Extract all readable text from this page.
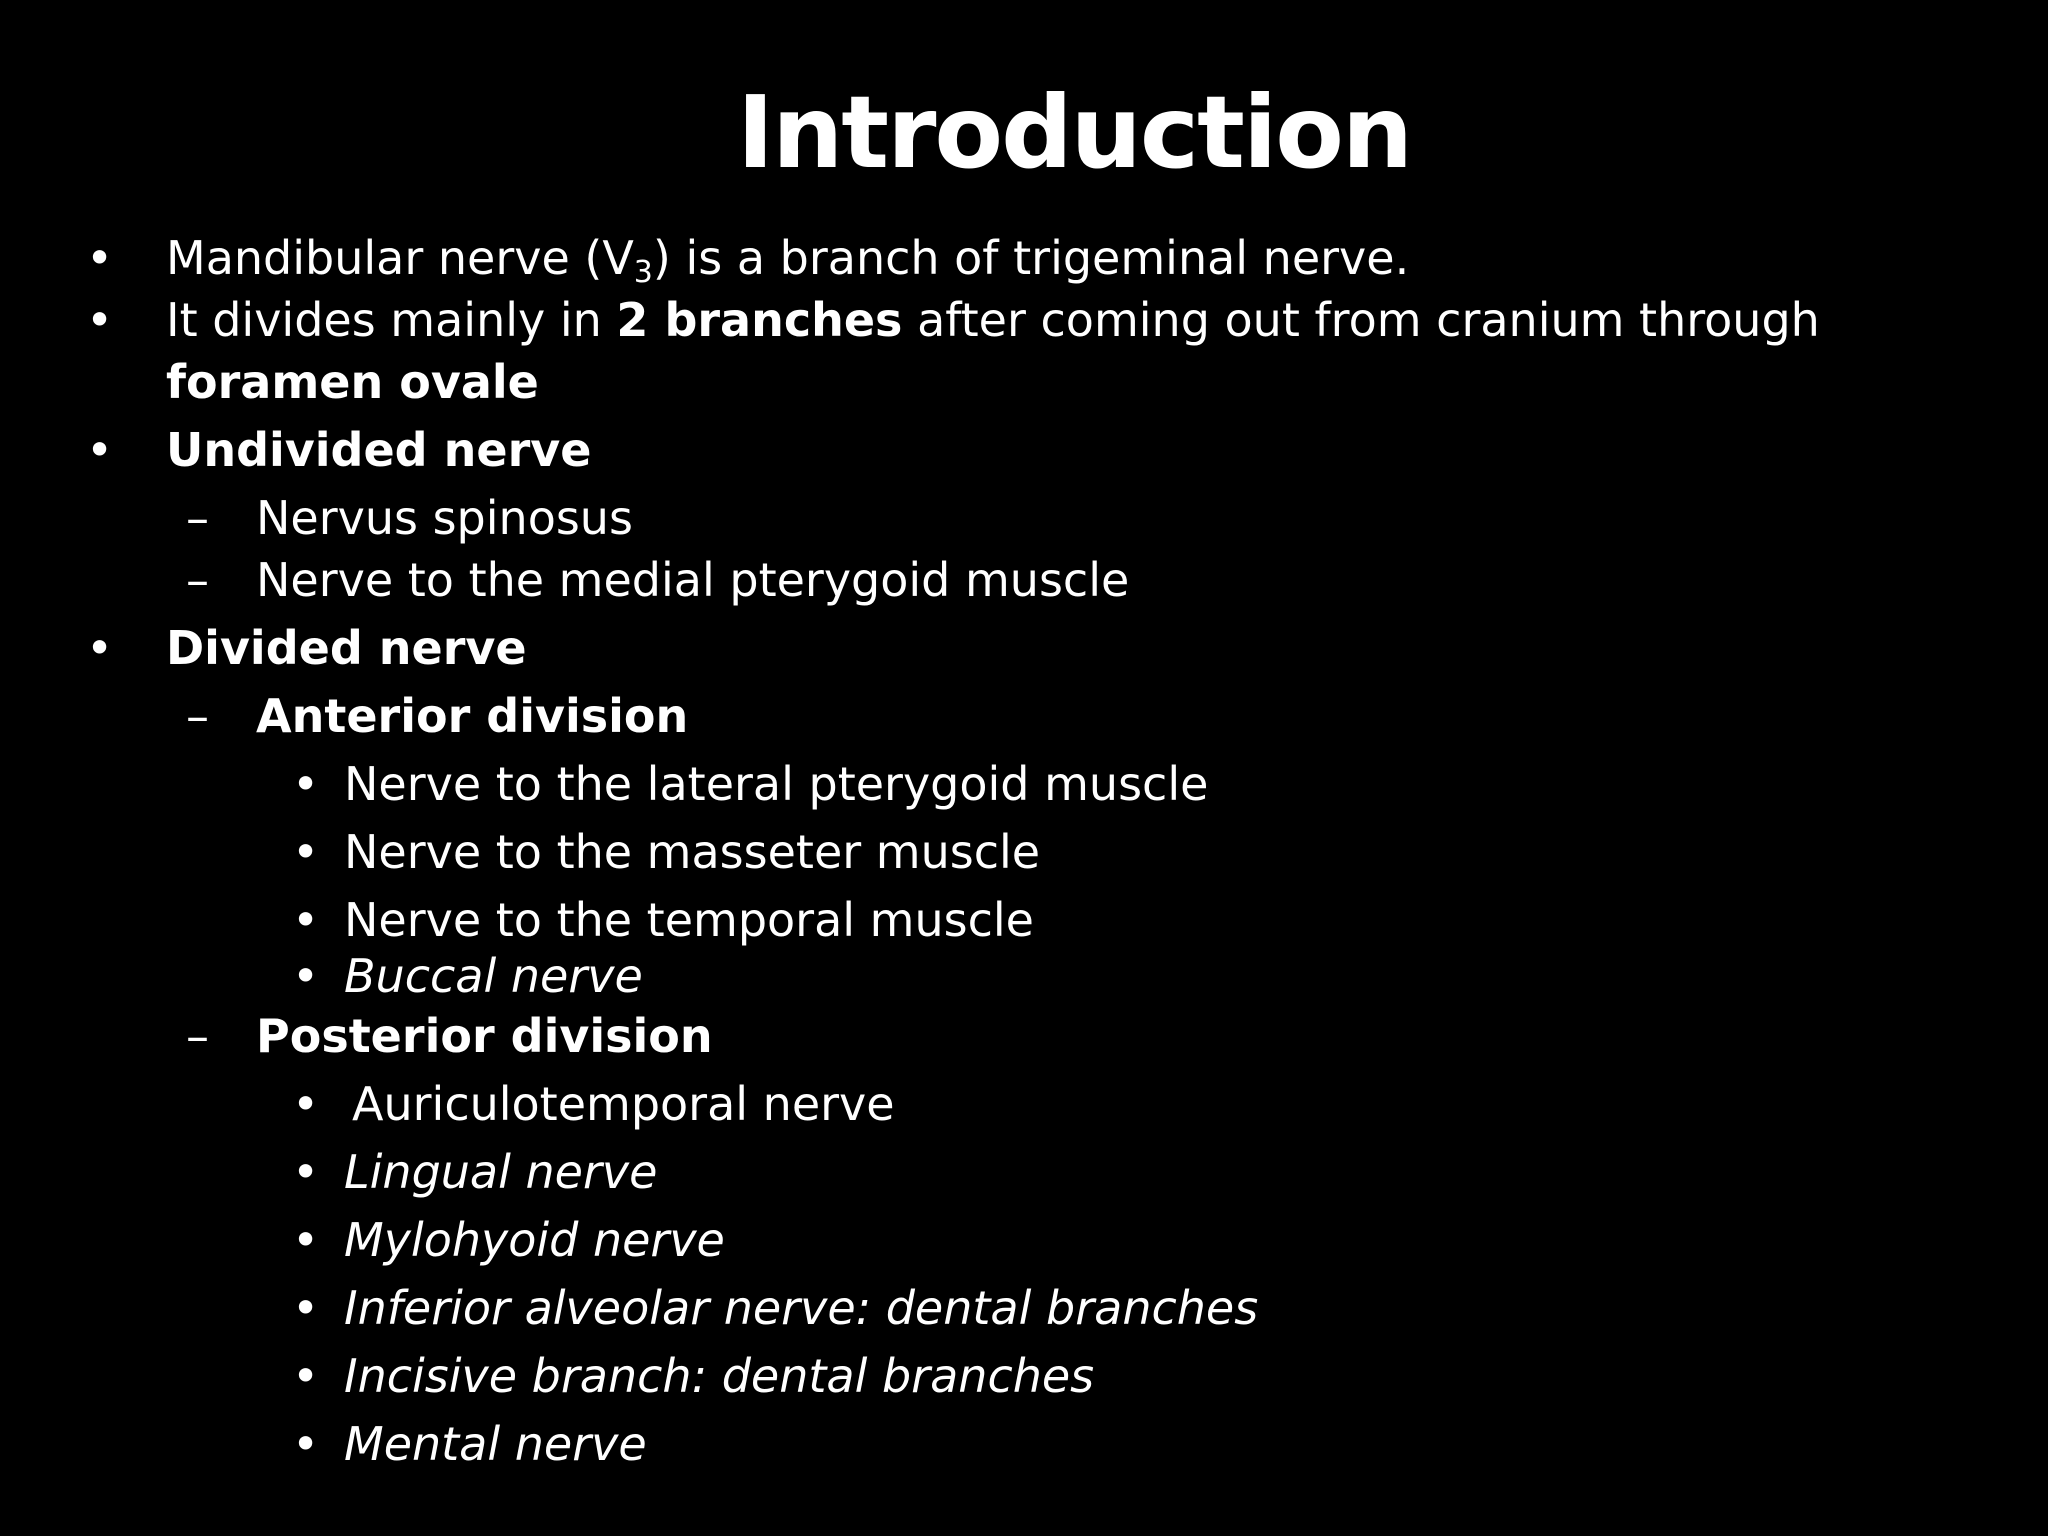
Introduction
• Mandibular nerve $(V_3)$ is a branch of trigeminal nerve.
• It divides mainly in 2 branches after coming out from cranium through
foramen ovale
• Undivided nerve
– Nervus spinosus
– Nerve to the medial pterygoid muscle
• Divided nerve
– Anterior division
• Nerve to the lateral pterygoid muscle
• Nerve to the masseter muscle
• Nerve to the temporal muscle
• Buccal nerve
– Posterior division
• Auriculotemporal nerve
• Lingual nerve
• Mylohyoid nerve
• Inferior alveolar nerve: dental branches
• Incisive branch: dental branches
• Mental nerve
